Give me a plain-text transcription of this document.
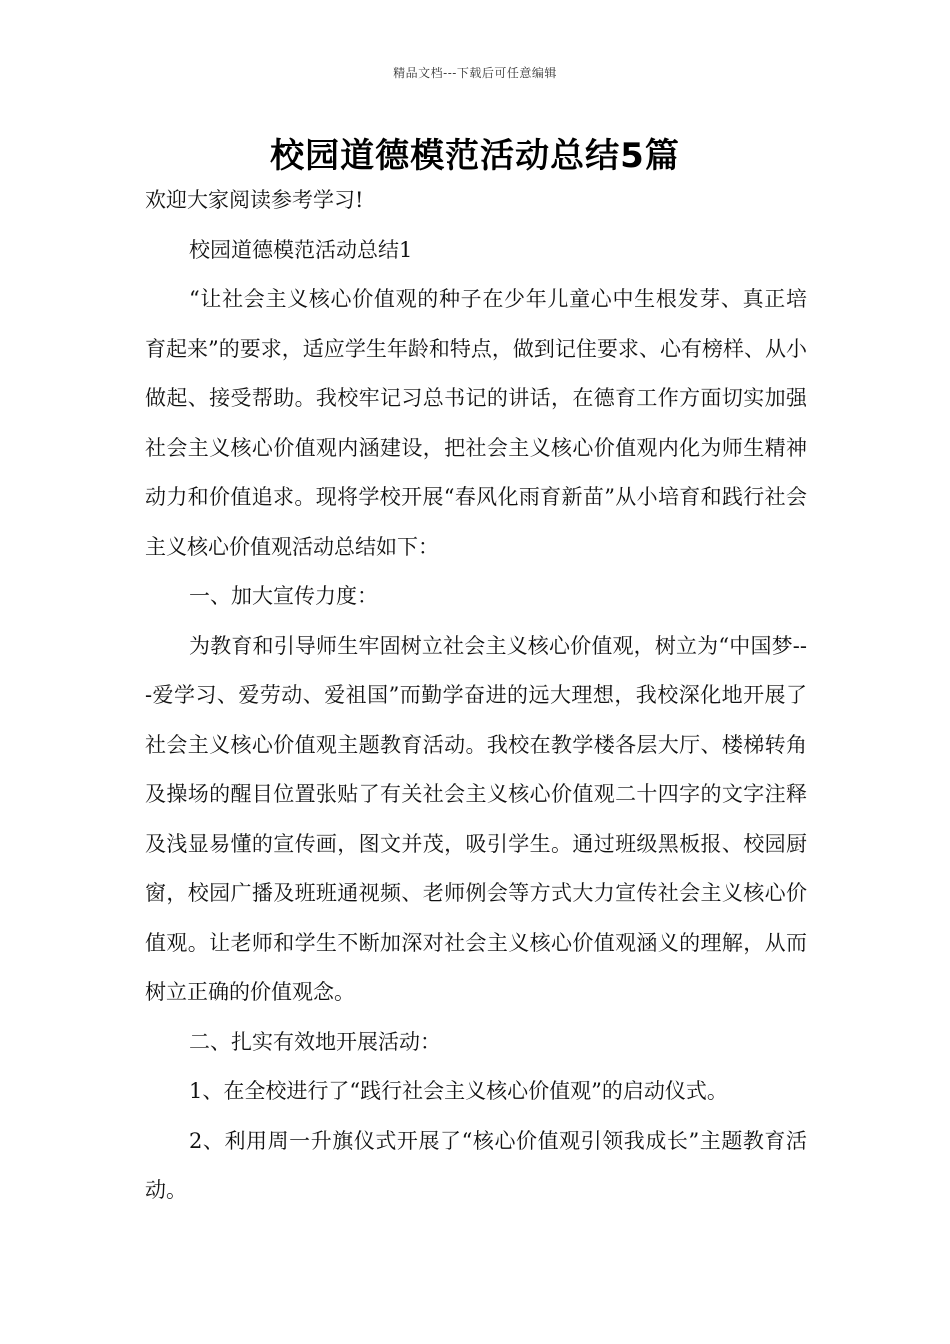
精品文档---下载后可任意编辑
校园道德模范活动总结5篇

欢迎大家阅读参考学习!

校园道德模范活动总结1

“让社会主义核心价值观的种子在少年儿童心中生根发芽、真正培育起来”的要求，适应学生年龄和特点，做到记住要求、心有榜样、从小做起、接受帮助。我校牢记习总书记的讲话，在德育工作方面切实加强社会主义核心价值观内涵建设，把社会主义核心价值观内化为师生精神动力和价值追求。现将学校开展“春风化雨育新苗”从小培育和践行社会主义核心价值观活动总结如下：

一、加大宣传力度：

为教育和引导师生牢固树立社会主义核心价值观，树立为“中国梦---爱学习、爱劳动、爱祖国”而勤学奋进的远大理想，我校深化地开展了社会主义核心价值观主题教育活动。我校在教学楼各层大厅、楼梯转角及操场的醒目位置张贴了有关社会主义核心价值观二十四字的文字注释及浅显易懂的宣传画，图文并茂，吸引学生。通过班级黑板报、校园厨窗，校园广播及班班通视频、老师例会等方式大力宣传社会主义核心价值观。让老师和学生不断加深对社会主义核心价值观涵义的理解，从而树立正确的价值观念。

二、扎实有效地开展活动：

1、在全校进行了“践行社会主义核心价值观”的启动仪式。

2、利用周一升旗仪式开展了“核心价值观引领我成长”主题教育活动。
